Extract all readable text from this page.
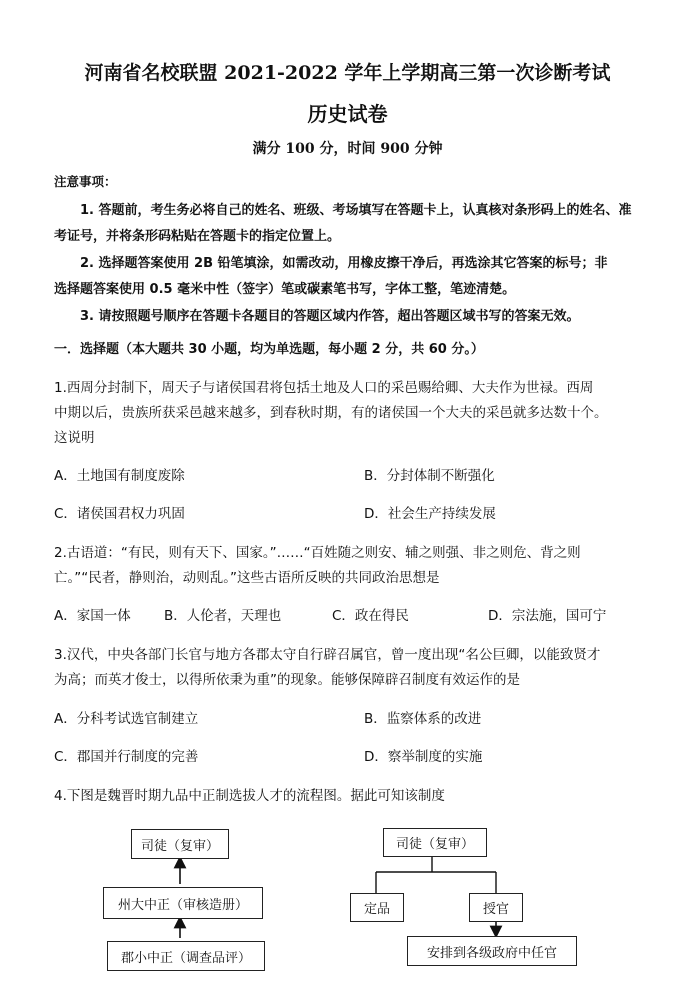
河南省名校联盟 2021-2022 学年上学期高三第一次诊断考试
历史试卷
满分 100 分，时间 900 分钟
注意事项：
1. 答题前，考生务必将自己的姓名、班级、考场填写在答题卡上，认真核对条形码上的姓名、准
考证号，并将条形码粘贴在答题卡的指定位置上。
2. 选择题答案使用 2B 铅笔填涂，如需改动，用橡皮擦干净后，再选涂其它答案的标号；非
选择题答案使用 0.5 毫米中性（签字）笔或碳素笔书写，字体工整，笔迹清楚。
3. 请按照题号顺序在答题卡各题目的答题区域内作答，超出答题区域书写的答案无效。
一．选择题（本大题共 30 小题，均为单选题，每小题 2 分，共 60 分。）
1.西周分封制下，周天子与诸侯国君将包括土地及人口的采邑赐给卿、大夫作为世禄。西周
中期以后，贵族所获采邑越来越多，到春秋时期，有的诸侯国一个大夫的采邑就多达数十个。
这说明
A．土地国有制度废除	B．分封体制不断强化
C．诸侯国君权力巩固	D．社会生产持续发展
2.古语道：“有民，则有天下、国家。”……“百姓随之则安、辅之则强、非之则危、背之则
亡。”“民者，静则治，动则乱。”这些古语所反映的共同政治思想是
A．家国一体 B．人伦者，天理也	C．政在得民	D．宗法施，国可宁
3.汉代，中央各部门长官与地方各郡太守自行辟召属官，曾一度出现“名公巨卿，以能致贤才
为高；而英才俊士，以得所依秉为重”的现象。能够保障辟召制度有效运作的是
A．分科考试选官制建立	B．监察体系的改进
C．郡国并行制度的完善	D．察举制度的实施
4.下图是魏晋时期九品中正制选拔人才的流程图。据此可知该制度
司徒（复审）
州大中正（审核造册）
郡小中正（调查品评）
司徒（复审）
定品	授官
安排到各级政府中任官
